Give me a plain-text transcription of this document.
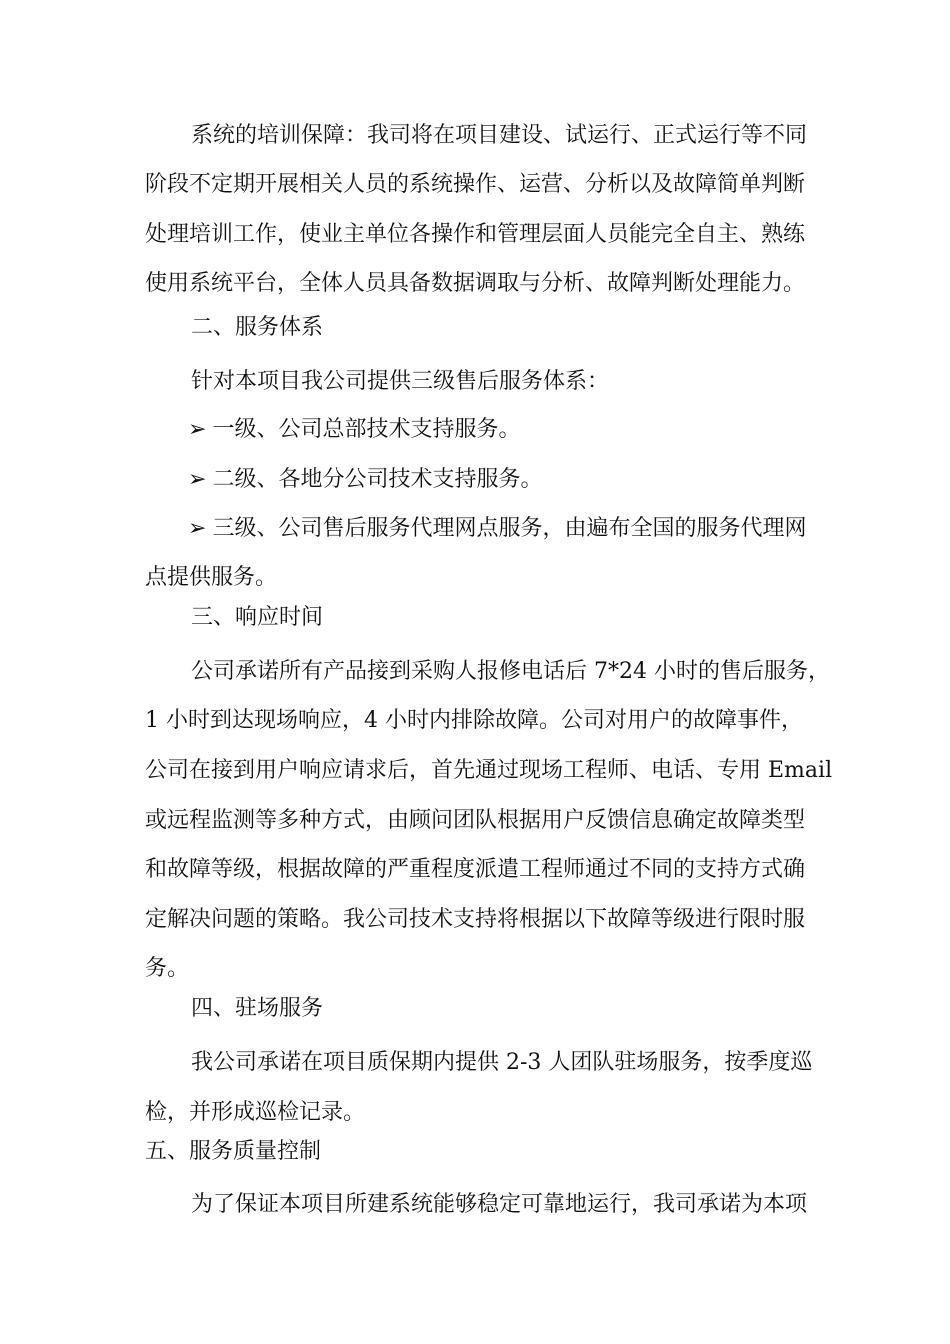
系统的培训保障：我司将在项目建设、试运行、正式运行等不同
阶段不定期开展相关人员的系统操作、运营、分析以及故障简单判断
处理培训工作，使业主单位各操作和管理层面人员能完全自主、熟练
使用系统平台，全体人员具备数据调取与分析、故障判断处理能力。
二、服务体系
针对本项目我公司提供三级售后服务体系：
➢ 一级、公司总部技术支持服务。
➢ 二级、各地分公司技术支持服务。
➢ 三级、公司售后服务代理网点服务，由遍布全国的服务代理网
点提供服务。
三、响应时间
公司承诺所有产品接到采购人报修电话后 7*24 小时的售后服务，
1 小时到达现场响应，4 小时内排除故障。公司对用户的故障事件，
公司在接到用户响应请求后，首先通过现场工程师、电话、专用 Email
或远程监测等多种方式，由顾问团队根据用户反馈信息确定故障类型
和故障等级，根据故障的严重程度派遣工程师通过不同的支持方式确
定解决问题的策略。我公司技术支持将根据以下故障等级进行限时服
务。
四、驻场服务
我公司承诺在项目质保期内提供 2-3 人团队驻场服务，按季度巡
检，并形成巡检记录。
五、服务质量控制
为了保证本项目所建系统能够稳定可靠地运行，我司承诺为本项
